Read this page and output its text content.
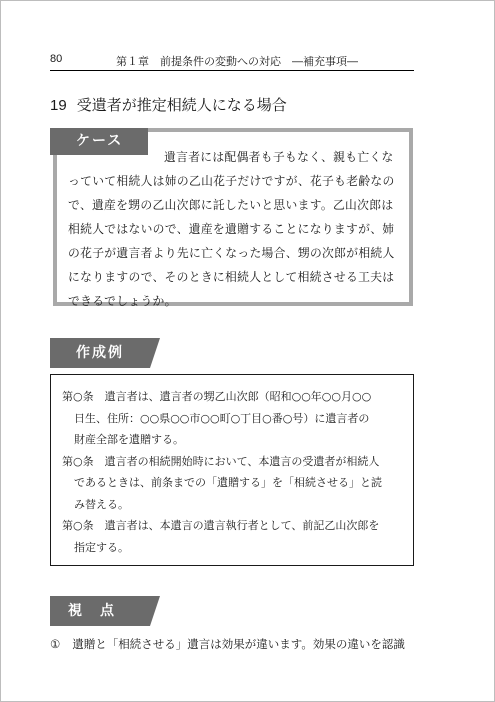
80	第１章　前提条件の変動への対応　―補充事項―
19 受遺者が推定相続人になる場合
ケース
遺言者には配偶者も子もなく、親も亡くな
っていて相続人は姉の乙山花子だけですが、花子も老齢なの
で、遺産を甥の乙山次郎に託したいと思います。乙山次郎は
相続人ではないので、遺産を遺贈することになりますが、姉
の花子が遺言者より先に亡くなった場合、甥の次郎が相続人
になりますので、そのときに相続人として相続させる工夫は
できるでしょうか。
作成例
第○条　遺言者は、遺言者の甥乙山次郎（昭和○○年○○月○○
日生、住所：○○県○○市○○町○丁目○番○号）に遺言者の
財産全部を遺贈する。
第○条　遺言者の相続開始時において、本遺言の受遺者が相続人
であるときは、前条までの「遺贈する」を「相続させる」と読
み替える。
第○条　遺言者は、本遺言の遺言執行者として、前記乙山次郎を
指定する。
視　点
① 遺贈と「相続させる」遺言は効果が違います。効果の違いを認識
